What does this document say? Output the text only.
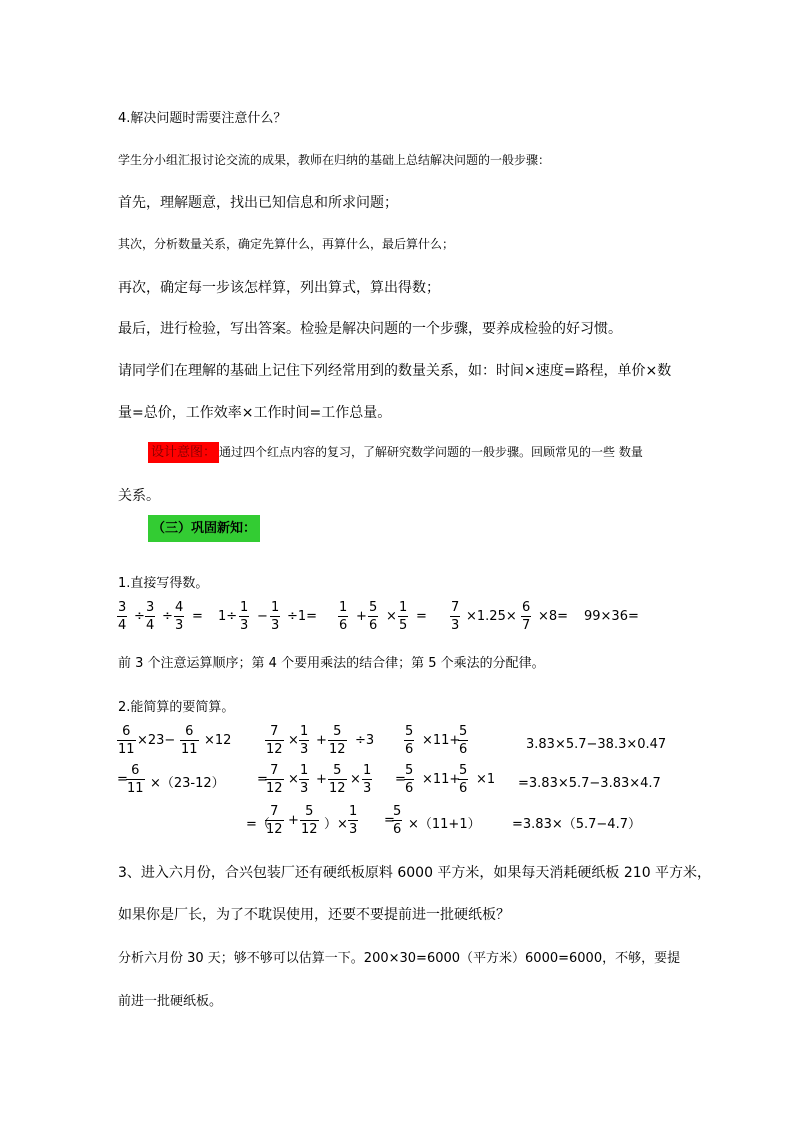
4.解决问题时需要注意什么？
学生分小组汇报讨论交流的成果，教师在归纳的基础上总结解决问题的一般步骤：
首先，理解题意，找出已知信息和所求问题；
其次，分析数量关系，确定先算什么，再算什么，最后算什么；
再次，确定每一步该怎样算，列出算式，算出得数；
最后，进行检验，写出答案。检验是解决问题的一个步骤，要养成检验的好习惯。
请同学们在理解的基础上记住下列经常用到的数量关系，如：时间×速度=路程，单价×数
量=总价，工作效率×工作时间=工作总量。
设计意图： 通过四个红点内容的复习，了解研究数学问题的一般步骤。回顾常见的一些 数量
关系。
（三）巩固新知：
1.直接写得数。
3
4
÷
3
4
÷
4
3
= 1÷
1
3
−
1
3
÷1=
1
6
+
5
6
×
1
5
=
7
3
×1.25×
6
7
×8= 99×36=
前 3 个注意运算顺序；第 4 个要用乘法的结合律；第 5 个乘法的分配律。
2.能简算的要简算。
6
11
×23−
6
11
×12
=
6
11 ×（23-12）
7
12
×
1
3
+
5
12
÷3
=
7
12
×
1
3
+
5
12
×
1
3
=（
7
12
+
5
12 ）×
1
3
5
6
×11+
5
6
=
5
6
×11+
5
6
×1
=
5
6 ×（11+1）
3.83×5.7−38.3×0.47
=3.83×5.7−3.83×4.7
=3.83×（5.7−4.7）
3、进入六月份，合兴包装厂还有硬纸板原料 6000 平方米，如果每天消耗硬纸板 210 平方米，
如果你是厂长，为了不耽误使用，还要不要提前进一批硬纸板？
分析六月份 30 天；够不够可以估算一下。200×30=6000（平方米）6000=6000，不够，要提
前进一批硬纸板。
